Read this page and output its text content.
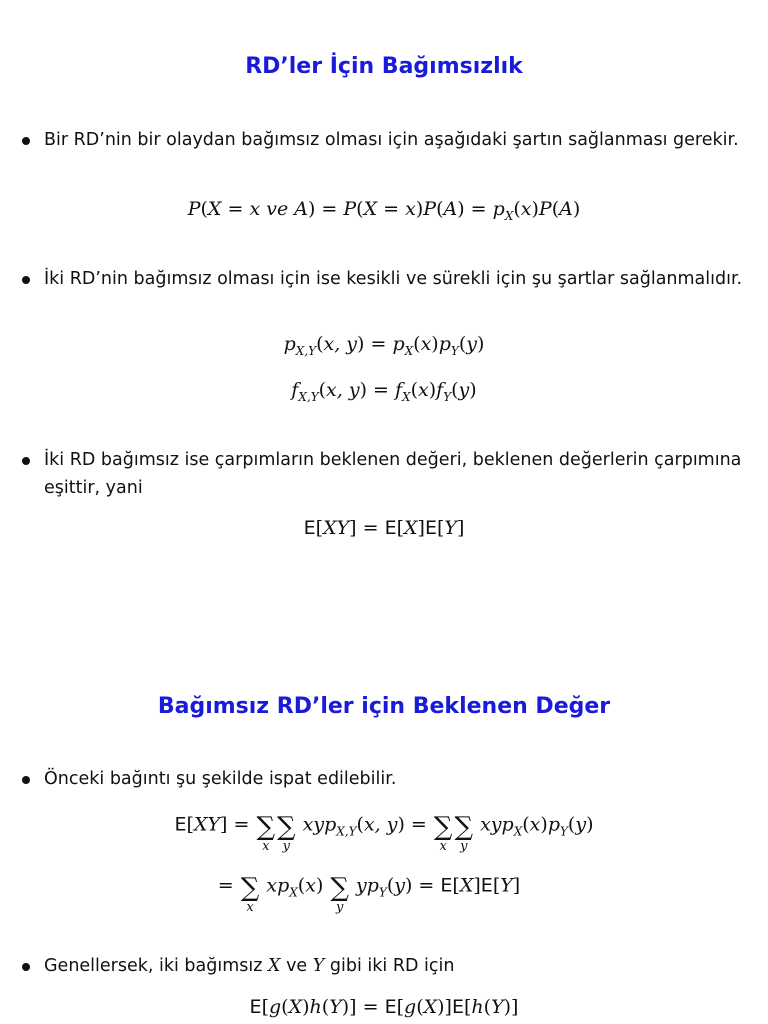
RD’ler İçin Bağımsızlık
Bir RD’nin bir olaydan bağımsız olması için aşağıdaki şartın sağlanması gerekir.
P(X = x ve $A) = P(X = x)P(A) = p_X(x)P(A)$
İki RD’nin bağımsız olması için ise kesikli ve sürekli için şu şartlar sağlanmalıdır.
$p_{X,Y}(x$, $y) = p_X(x)p_Y(y)$
$f_{X,Y}(x$, $y) = f_X(x)f_Y(y)$
İki RD bağımsız ise çarpımların beklenen değeri, beklenen değerlerin çarpımına eşittir, yani
E[XY] = E[X]E[Y]
Bağımsız RD’ler için Beklenen Değer
Önceki bağıntı şu şekilde ispat edilebilir.
E[XY] = ∑
x
∑
y
xyp$_{X,Y}$(x, y) = ∑
x
∑
y
$xyp_X(x)p_Y(y)$
= ∑
x
$xp_X(x)$ ∑
y
$yp_Y(y) = E[X]E[Y]$
Genellersek, iki bağımsız X ve Y gibi iki RD için
E[g(X)h(Y)] = E[g(X)]E[h(Y)]
